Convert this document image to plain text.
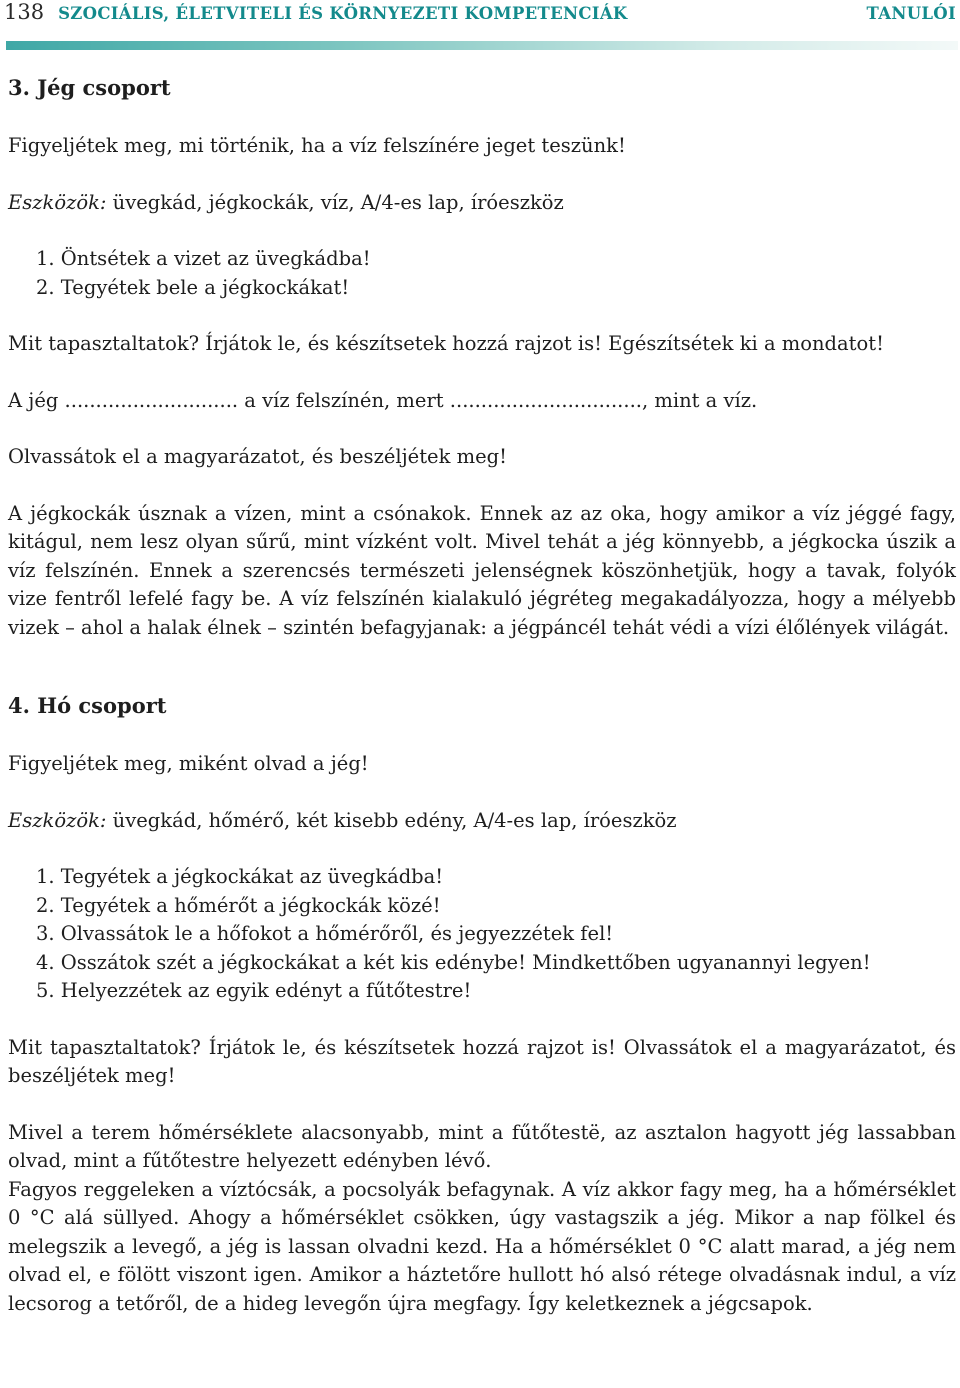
138 SZOCIÁLIS, ÉLETVITELI ÉS KÖRNYEZETI KOMPETENCIÁK	TANULÓI
3. Jég csoport

Figyeljétek meg, mi történik, ha a víz felszínére jeget teszünk!

Eszközök: üvegkád, jégkockák, víz, A/4-es lap, íróeszköz

1. Öntsétek a vizet az üvegkádba!
2. Tegyétek bele a jégkockákat!

Mit tapasztaltatok? Írjátok le, és készítsetek hozzá rajzot is! Egészítsétek ki a mondatot!

A jég ............................ a víz felszínén, mert ..............................., mint a víz.

Olvassátok el a magyarázatot, és beszéljétek meg!

A jégkockák úsznak a vízen, mint a csónakok. Ennek az az oka, hogy amikor a víz jéggé fagy, kitágul, nem lesz olyan sűrű, mint vízként volt. Mivel tehát a jég könnyebb, a jégkocka úszik a víz felszínén. Ennek a szerencsés természeti jelenségnek köszönhetjük, hogy a tavak, folyók vize fentről lefelé fagy be. A víz felszínén kialakuló jégréteg megakadályozza, hogy a mélyebb vizek – ahol a halak élnek – szintén befagyjanak: a jégpáncél tehát védi a vízi élőlények világát.

4. Hó csoport

Figyeljétek meg, miként olvad a jég!

Eszközök: üvegkád, hőmérő, két kisebb edény, A/4-es lap, íróeszköz

1. Tegyétek a jégkockákat az üvegkádba!
2. Tegyétek a hőmérőt a jégkockák közé!
3. Olvassátok le a hőfokot a hőmérőről, és jegyezzétek fel!
4. Osszátok szét a jégkockákat a két kis edénybe! Mindkettőben ugyanannyi legyen!
5. Helyezzétek az egyik edényt a fűtőtestre!

Mit tapasztaltatok? Írjátok le, és készítsetek hozzá rajzot is! Olvassátok el a magyarázatot, és beszéljétek meg!

Mivel a terem hőmérséklete alacsonyabb, mint a fűtőtestё, az asztalon hagyott jég lassabban olvad, mint a fűtőtestre helyezett edényben lévő.

Fagyos reggeleken a víztócsák, a pocsolyák befagynak. A víz akkor fagy meg, ha a hőmérséklet 0 °C alá süllyed. Ahogy a hőmérséklet csökken, úgy vastagszik a jég. Mikor a nap fölkel és melegszik a levegő, a jég is lassan olvadni kezd. Ha a hőmérséklet 0 °C alatt marad, a jég nem olvad el, e fölött viszont igen. Amikor a háztetőre hullott hó alsó rétege olvadásnak indul, a víz lecsorog a tetőről, de a hideg levegőn újra megfagy. Így keletkeznek a jégcsapok.
